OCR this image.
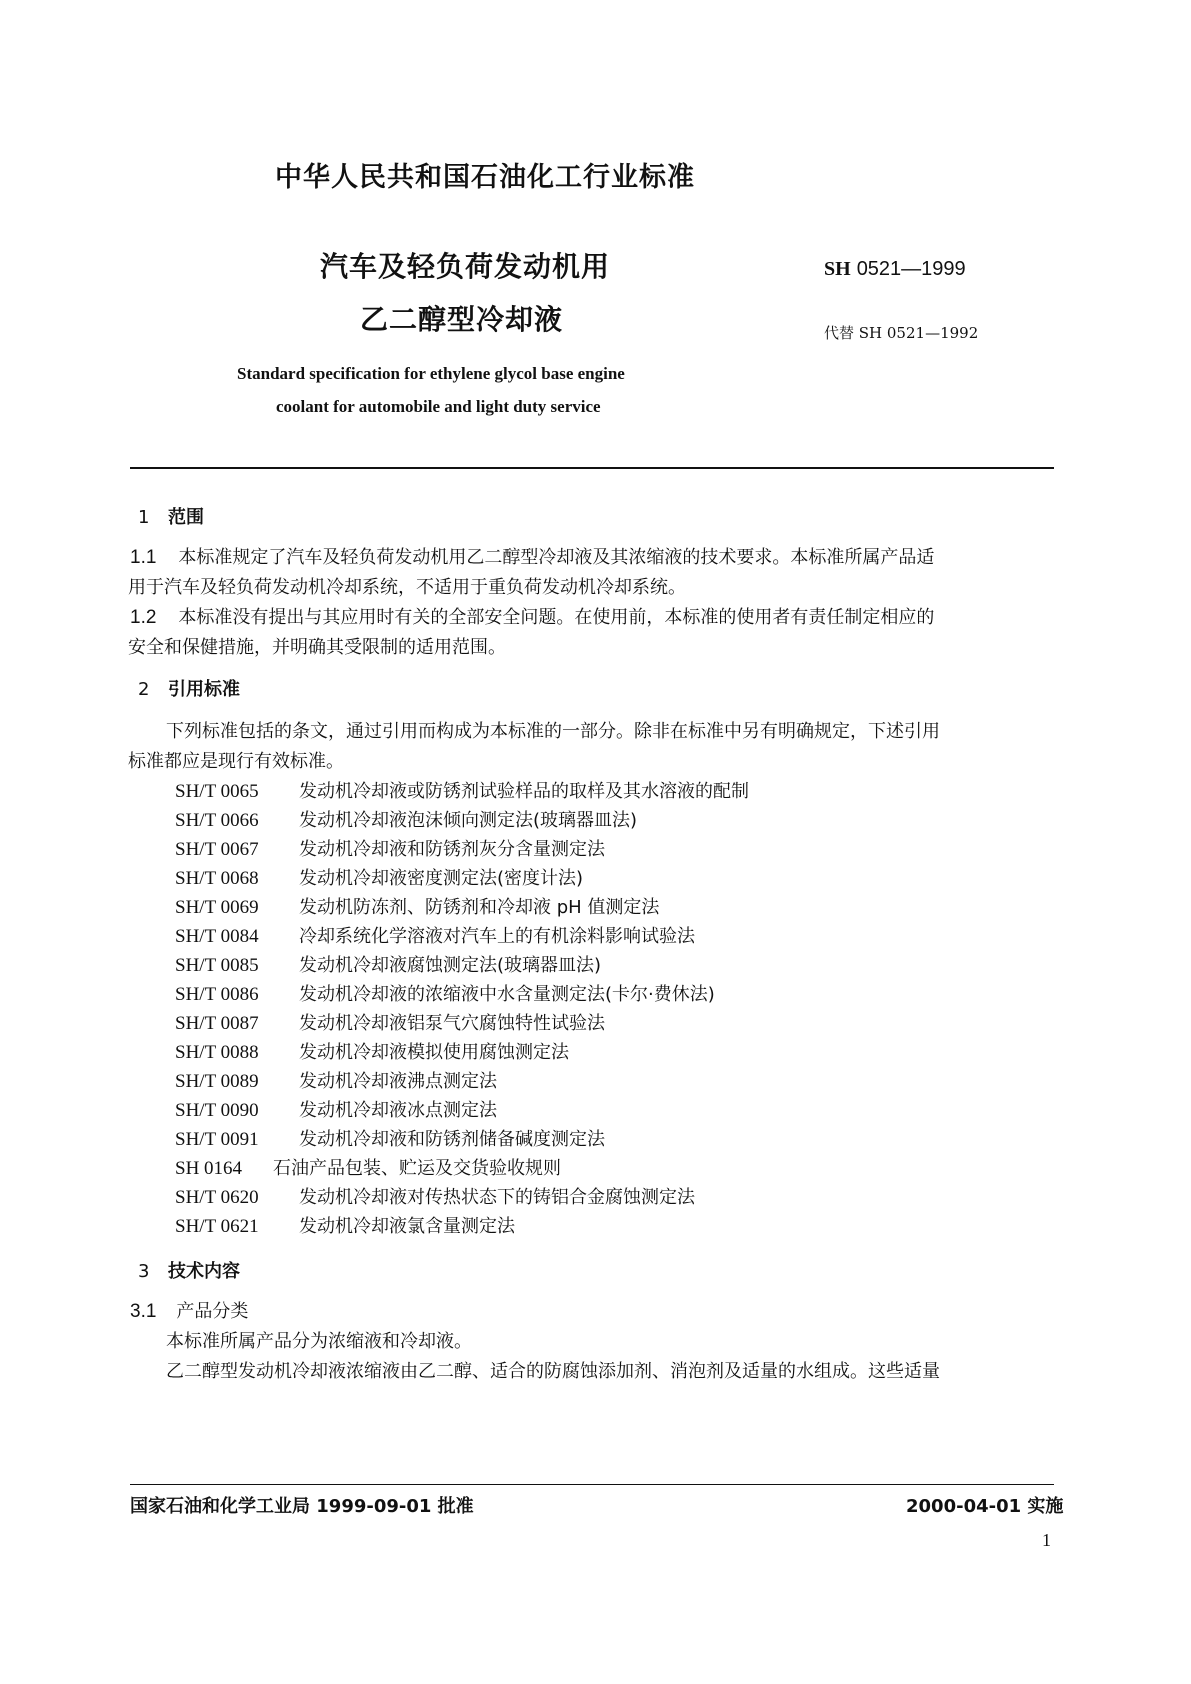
中华人民共和国石油化工行业标准
汽车及轻负荷发动机用
乙二醇型冷却液
SH 0521—1999
代替 SH 0521—1992
Standard specification for ethylene glycol base engine
coolant for automobile and light duty service
1 范围
1.1 本标准规定了汽车及轻负荷发动机用乙二醇型冷却液及其浓缩液的技术要求。本标准所属产品适
用于汽车及轻负荷发动机冷却系统，不适用于重负荷发动机冷却系统。
1.2 本标准没有提出与其应用时有关的全部安全问题。在使用前，本标准的使用者有责任制定相应的
安全和保健措施，并明确其受限制的适用范围。
2 引用标准
下列标准包括的条文，通过引用而构成为本标准的一部分。除非在标准中另有明确规定，下述引用
标准都应是现行有效标准。
SH/T 0065 发动机冷却液或防锈剂试验样品的取样及其水溶液的配制
SH/T 0066 发动机冷却液泡沫倾向测定法(玻璃器皿法)
SH/T 0067 发动机冷却液和防锈剂灰分含量测定法
SH/T 0068 发动机冷却液密度测定法(密度计法)
SH/T 0069 发动机防冻剂、防锈剂和冷却液 pH 值测定法
SH/T 0084 冷却系统化学溶液对汽车上的有机涂料影响试验法
SH/T 0085 发动机冷却液腐蚀测定法(玻璃器皿法)
SH/T 0086 发动机冷却液的浓缩液中水含量测定法(卡尔·费休法)
SH/T 0087 发动机冷却液铝泵气穴腐蚀特性试验法
SH/T 0088 发动机冷却液模拟使用腐蚀测定法
SH/T 0089 发动机冷却液沸点测定法
SH/T 0090 发动机冷却液冰点测定法
SH/T 0091 发动机冷却液和防锈剂储备碱度测定法
SH 0164 石油产品包装、贮运及交货验收规则
SH/T 0620 发动机冷却液对传热状态下的铸铝合金腐蚀测定法
SH/T 0621 发动机冷却液氯含量测定法
3 技术内容
3.1 产品分类
本标准所属产品分为浓缩液和冷却液。
乙二醇型发动机冷却液浓缩液由乙二醇、适合的防腐蚀添加剂、消泡剂及适量的水组成。这些适量
国家石油和化学工业局 1999-09-01 批准	2000-04-01 实施
1
